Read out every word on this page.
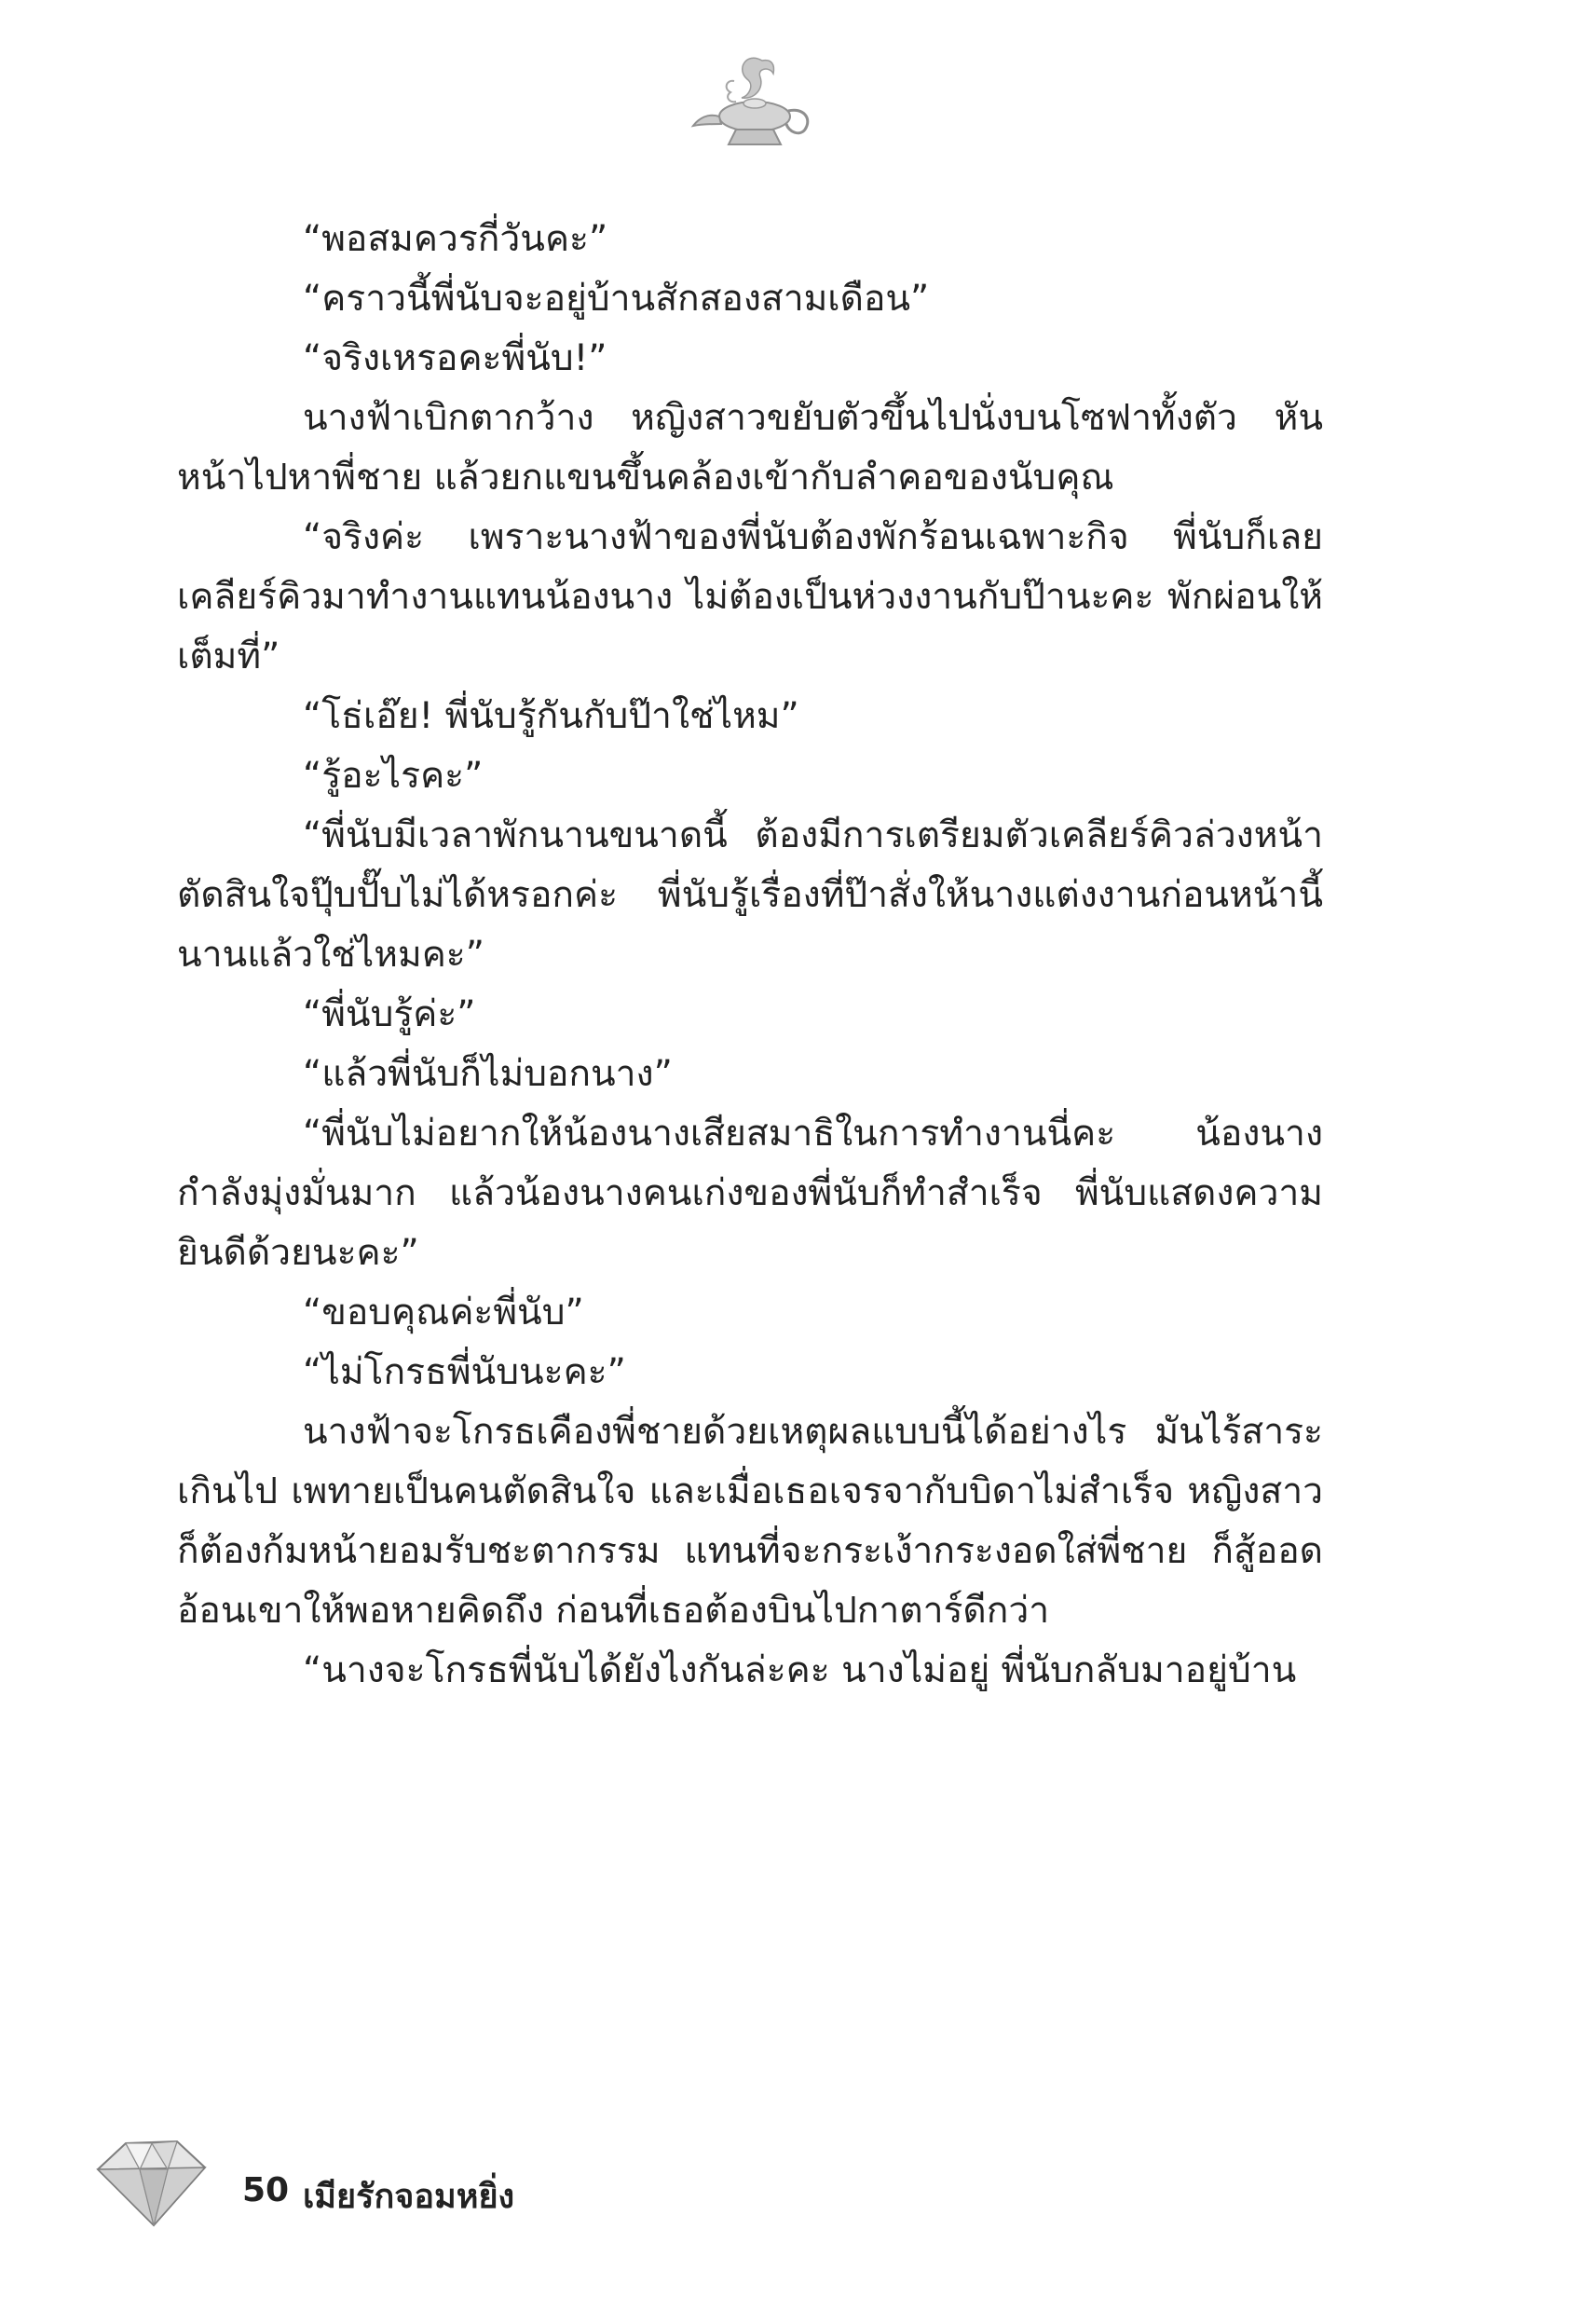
“พอสมควรกี่วันคะ”

“คราวนี้พี่นับจะอยู่บ้านสักสองสามเดือน”

“จริงเหรอคะพี่นับ!”

นางฟ้าเบิกตากว้าง หญิงสาวขยับตัวขึ้นไปนั่งบนโซฟาทั้งตัว หันหน้าไปหาพี่ชาย แล้วยกแขนขึ้นคล้องเข้ากับลำคอของนับคุณ

“จริงค่ะ เพราะนางฟ้าของพี่นับต้องพักร้อนเฉพาะกิจ พี่นับก็เลยเคลียร์คิวมาทำงานแทนน้องนาง ไม่ต้องเป็นห่วงงานกับป๊านะคะ พักผ่อนให้เต็มที่”

“โธ่เอ๊ย! พี่นับรู้กันกับป๊าใช่ไหม”

“รู้อะไรคะ”

“พี่นับมีเวลาพักนานขนาดนี้ ต้องมีการเตรียมตัวเคลียร์คิวล่วงหน้า ตัดสินใจปุ๊บปั๊บไม่ได้หรอกค่ะ พี่นับรู้เรื่องที่ป๊าสั่งให้นางแต่งงานก่อนหน้านี้นานแล้วใช่ไหมคะ”

“พี่นับรู้ค่ะ”

“แล้วพี่นับก็ไม่บอกนาง”

“พี่นับไม่อยากให้น้องนางเสียสมาธิในการทำงานนี่คะ น้องนางกำลังมุ่งมั่นมาก แล้วน้องนางคนเก่งของพี่นับก็ทำสำเร็จ พี่นับแสดงความยินดีด้วยนะคะ”

“ขอบคุณค่ะพี่นับ”

“ไม่โกรธพี่นับนะคะ”

นางฟ้าจะโกรธเคืองพี่ชายด้วยเหตุผลแบบนี้ได้อย่างไร มันไร้สาระเกินไป เพทายเป็นคนตัดสินใจ และเมื่อเธอเจรจากับบิดาไม่สำเร็จ หญิงสาวก็ต้องก้มหน้ายอมรับชะตากรรม แทนที่จะกระเง้ากระงอดใส่พี่ชาย ก็สู้ออดอ้อนเขาให้พอหายคิดถึง ก่อนที่เธอต้องบินไปกาตาร์ดีกว่า

“นางจะโกรธพี่นับได้ยังไงกันล่ะคะ นางไม่อยู่ พี่นับกลับมาอยู่บ้าน

50 เมียรักจอมหยิ่ง
